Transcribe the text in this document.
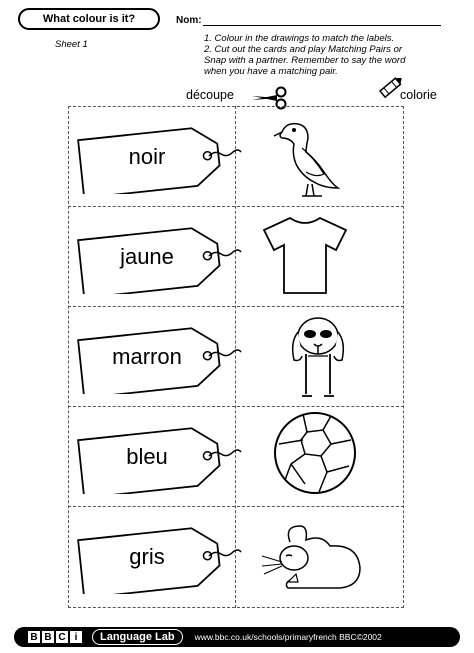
What colour is it?
Sheet 1
Nom:
1. Colour in the drawings to match the labels.
2. Cut out the cards and play Matching Pairs or
Snap with a partner. Remember to say the word
when you have a matching pair.
découpe	colorie
noir
jaune
marron
bleu
gris
B B C i	Language Lab	www.bbc.co.uk/schools/primaryfrench BBC©2002
